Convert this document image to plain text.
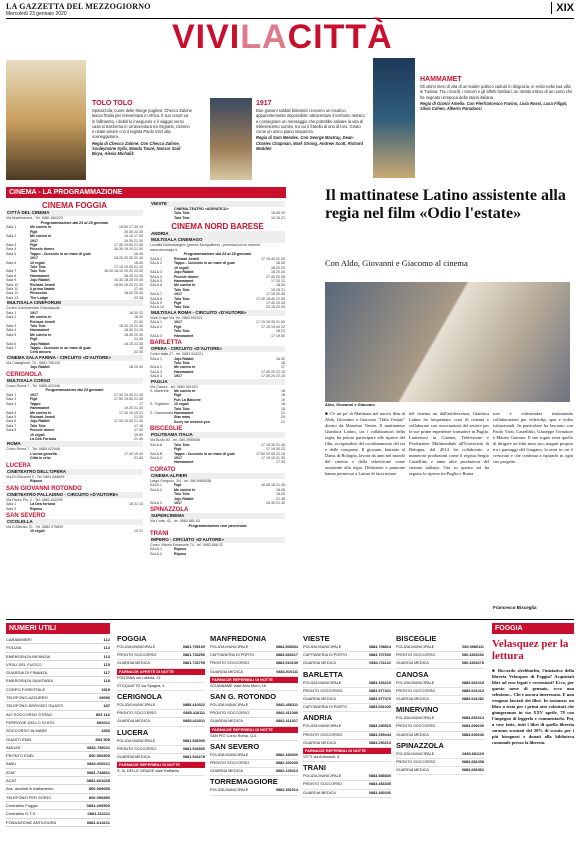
LA GAZZETTA DEL MEZZOGIORNO
Mercoledì 23 gennaio 2020	XIX
VIVILACITTÀ
TOLO TOLO
Spinazzola, cuore delle Murge pugliesi: Checco Zalone lascia l'Italia per reinventarsi in Africa. Il suo resort va in fallimento, i debiti lo inseguono e il viaggio verso casa si trasforma in un'avventura tra migranti, cinismo e risate amare con il regista Paolo Virzì alla sceneggiatura.
Regia di Checco Zalone. Con Checco Zalone, Souleymane Sylla, Manda Touré, Nassor Said Birya, Alexis Michalik
1917
Due giovani soldati britannici ricevono un incarico apparentemente impossibile: attraversare il territorio nemico e consegnare un messaggio che potrebbe salvare la vita di milleseicento uomini, tra cui il fratello di uno di loro. Girato come un unico piano sequenza.
Regia di Sam Mendes. Con George MacKay, Dean-Charles Chapman, Mark Strong, Andrew Scott, Richard Madden
HAMMAMET
Gli ultimi mesi di vita di un leader politico caduto in disgrazia, in esilio nella sua villa in Tunisia. Tra i ricordi, i rancori e gli affetti familiari, un ritratto intimo di un uomo che ha segnato un'epoca della storia italiana.
Regia di Gianni Amelio. Con Pierfrancesco Favino, Livia Rossi, Luca Filippi, Silvia Cohen, Alberto Paradossi
CINEMA - LA PROGRAMMAZIONE
CINEMA FOGGIA
CITTÀ DEL CINEMA
Via Manfredonia - Tel. 0881.682229
Programmazione dal 23 al 29 gennaio
Sala 1	Me contro te	15.50 17.30 19
Figli	20.35 22.30
Sala 2	Me contro te	16.10 17.50
1917	19.30 21.30
Sala 3	Figli	17.45 19.50 21.55
Sala 4	Piccole donne	16.30 19.10 21.50
Sala 5	Tappo - Cucciolo in un mare di guai	16.40
1917	18.20 20.30 22.40
Sala 6	10 regali	16.05
Tolo Tolo	17.10 19.00 21.10
Sala 7	Tolo Tolo	16.00 18.10 20.20 22.30
Sala 8	Hammamet	18.40 21.30
Sala 9	Jojo Rabbit	16.30 18.35 20.45
Sala 10	Richard Jewell	16.50 19.20 22.00
Sala 11	Il primo Natale	17.40
Sala 12	Pinocchio	18.00 20.40
Sala 13	The Lodge	22.35
MULTISALA CINEFORUM
Centro Commerciale Grandapulia
Sala 1	1917	18.30 22
Sala 2	Me contro te	18.20
Richard Jewell	21.30
Sala 3	Tolo Tolo	18 20.15 22.30
Sala 4	Hammamet	18.30 21.15
Sala 5	Me contro te	18.45 20.30
Figli	21.30
Sala 6	Jojo Rabbit	18.15 22.30
Sala 7	Tappo - Cucciolo in un mare di guai	18
Cèra ancora	22.30
CINEMA SALA FARINA - CIRCUITO «D'AUTORE»
Via Castiglione, 70 - 0881.700130
Jojo Rabbit	18 20.30
CERIGNOLA
MULTISALA CORSO
Corso Roma 7 - Tel. 0885.422446
Programmazione dal 23 gennaio
Sala 1	1917	17.30 19.30 21.30
Sala 2	Figli	17.50 19.50 21.45
Sala 3	Tappo	17
Hammamet	19.20 21.40
Sala 4	Me contro te	17.30 19.15 21
Sala 5	Richard Jewell	21.30
Sala 6	Jojo Rabbit	17.30 19.30 21.30
Sala 7	Tolo Tolo	17.15
Sala 8	Piccole donne	17.40
10 regali	19.50
La Dea Fortuna	21.40
ROMA
Corso Roma 7 - Tel. 0885.422446
L'unica gemella	17.40 19.40
Città in crisi	21.40
LUCERA
CINETEATRO DELL'OPERA
Via Di Giovanni 9 - Tel. 0881.548899
Riposo
SAN GIOVANNI ROTONDO
CINETEATRO PALLADINO - CIRCUITO «D'AUTORE»
Via Padre Pio, 2 - Tel. 0882.442299
Sala 1	La Dea fortuna	18 21.15
Sala 2	Riposo
SAN SEVERO
CICOLELLA
Via D'Alfonso 70 - Tel. 0882.375699
10 regali	19 21
VIESTE
CINEMA-TEATRO «ADRIATICO»
Tolo Tolo	18.45 19
Tolo Tolo	19.15 21
CINEMA NORD BARESE
ANDRIA
MULTISALA CINEMAGO
Località Barbadangelo (presso Mongolfiera) - prenotazioni su internet www.cinemago.it
Programmazione dal 23 al 29 gennaio
SALA 1	Richard Jewell	17 19.40 22.20
SALA 2	Tappo - Cucciolo in un mare di guai	16.30
10 regali	18.20 20
SALA 3	Jojo Rabbit	18.20 20
SALA 4	Piccole donne	17.40 20.45
SALA 5	Hammamet	17 20 21
SALA 6	Me contro te	18.30
Tolo Tolo	19.15 21
SALA 7	1917	17.15 20.45
SALA 8	Tolo Tolo	17.30 19.40 22.05
SALA 9	Figli	17.40 20.45
SALA 10	Tolo Tolo	20.15 22.25
MULTISALA ROMA - CIRCUITO «D'AUTORE»
Viale Crispi Via Tel. 0883.592021
SALA 1	1917	17.15 19.30 21.50
SALA 2	Figli	17.15 19.40 22
Tolo Tolo	18 21
SALA 3	Hammamet	17 19.50
BARLETTA
OPERA - CIRCUITO «D'AUTORE»
Corso Italia 27 - tel. 0883.510221
SALA 1	Jojo Rabbit	16.30
Tolo Tolo	18
SALA 2	Me contro te	17
SALA 3	Hammamet	17.45 20 22.15
SALA 4	1917	17.45 20 22.15
PAGLIA
Via Cavour - tel. 0883.501023
S. Manfredi	Me contro te	16
Figli	18
Fuh La Balcone	19
S. Trigiliano	10 regali	18
Tolo Tolo	18
S. Cammarata Hammamet	21
Star wars	20
Sorry we missed you	21
BISCEGLIE
POLITEAMA ITALIA
Via Bovio 62 - tel. 080.3955056
SALA A	Tolo Tolo	17 19.30 21.45
Figli	17 19.30 22
SALA B	Tappo - Cucciolo in un mare di guai	17.50 20.05 22.15
SALA C	1917	17 19.15 21.30
Hammamet	17.30
CORATO
CINEMA ALFIERI
Largo Gregorio, 3/4 - tel. 080.8960538
SALA 1	Figli	16.45 18.21 45
SALA 2	Me contro te	16.45
Tolo Tolo	18.20
Jojo Rabbit	21.45
SALA 3	1917	18.30 21.30
SPINAZZOLA
SUPERCINEMA
Via Corte, 42 - tel. 0883.681 53
Programmazione non pervenuta
TRANI
IMPERO - CIRCUITO «D'AUTORE»
Corso Vittorio Emanuele 74 - tel. 0883.588 32
SALA 1	Riposo
SALA 2	Riposo
Il mattinatese Latino assistente alla regia nel film «Odio l'estate»
Con Aldo, Giovanni e Giacomo al cinema
Aldo, Giovanni e Giacomo
■ C'è un po' di Mattinata nel nuovo film di Aldo, Giovanni e Giacomo "Odio l'estate" diretto da Massimo Venier. Il mattinatese Gianluca Latino, tra i collaboratori della regia, ha potuto partecipare alle riprese del film, occupandosi del coordinamento del set e delle comparse. Il giovane, laureato al Dams di Bologna, lavora da anni nel mondo del cinema e della televisione come assistente alla regia. Dedizione e passione hanno permesso a Latino di farsi notare
nel cinema un dall'adolescenza, Gianluca Latino ha frequentato corsi di cinema e collaborato con associazioni del settore per le sue prime esperienze formative in Puglia. Laureatosi in Cinema, Televisione e Produzione Multimediale all'Università di Bologna, dal 2014 ha collaborato a numerose produzioni come il regista Sergio Castellitto e tante altre produzioni del cinema italiano. Ora su questo set ha seguito le riprese tra Puglia e Roma
tore e videomaker instaurando collaborazioni per videoclip, spot e video istituzionali. In particolare ha lavorato con Paolo Virzì, Castellitto, Giuseppe Tornatore e Matteo Garrone. Il suo sogno resta quello di dirigere un film tutto suo, magari proprio tra i paesaggi del Gargano, la terra in cui è cresciuto e che continua a ispirarlo in ogni suo progetto.
Francesco Bisceglia
NUMERI UTILI
CARABINIERI	112
POLIZIA	113
EMERGENZA INFANZIA	114
VIGILI DEL FUOCO	115
GUARDIA DI FINANZA	117
EMERGENZA SANITARIA	118
CORPO FORESTALE	1515
TELEFONO AZZURRO	19696
TELEFONO SERVIZIO GUASTI	187
ACI SOCCORSO STRAD.	803 116
FERROVIE DELLO STATO	892021
SOCCORSO IN MARE	1530
GUASTI ENEL	803 500
AMGAS	0881.789111
PRONTO ENEL	800.900800
AMIU	0881.665111
ATAF	0881.748811
ACAT	0881.661025
Ass. alcolisti in trattamento	800.069050
TELEFONO PER SORDI	800.050850
Centralino Foggia	0881.200500
Centralino D.T.S.	0881.311111
FONDAZIONE ANTIUSURA	0881.614211
FOGGIA
POLIZIA MUNICIPALE	0881.799100
PRONTO SOCCORSO	0881.733250
GUARDIA MEDICA	0881.733705
FARMACIE APERTE DI NOTTE
FONTANA via Lubrola, 21
STOQUATTO via Spagna, 4
CERIGNOLA
POLIZIA MUNICIPALE	0885.410322
PRONTO SOCCORSO	0885.418111
GUARDIA MEDICA	0885.422011
LUCERA
POLIZIA MUNICIPALE	0881.540000
PRONTO SOCCORSO	0881.543500
GUARDIA MEDICA	0881.543278
FARMACIE REPERIBILI DI NOTTE
S. M. DELLE GRAZIE viale Raffaello
MANFREDONIA
POLIZIA MUNICIPALE	0884.508334
CAPITANERIA DI PORTO	0884.663617
PRONTO SOCCORSO	0884.510139
GUARDIA MEDICA	0884.510111
FARMACIE REPERIBILI DI NOTTE
SCIANNAME viale Aldo Moro, 16
SAN G. ROTONDO
POLIZIA MUNICIPALE	0882.456311
PRONTO SOCCORSO	0882.411080
GUARDIA MEDICA	0882.411527
FARMACIE REPERIBILI DI NOTTE
SAN PIO Corso Roma, 114,
SAN SEVERO
POLIZIA MUNICIPALE	0882.334000
PRONTO SOCCORSO	0882.200260
GUARDIA MEDICA	0882.229413
TORREMAGGIORE
POLIZIA MUNICIPALE	0882.391014
VIESTE
POLIZIA MUNICIPALE	0884.708814
CAPITANERIA DI PORTO	0884.707600
GUARDIA MEDICA	0884.711122
BARLETTA
POLIZIA MUNICIPALE	0883.333210
PRONTO SOCCORSO	0883.577321
GUARDIA MEDICA	0883.577370
CAPITANERIA DI PORTO	0883.531020
ANDRIA
POLIZIA MUNICIPALE	0883.290515
PRONTO SOCCORSO	0883.299444
GUARDIA MEDICA	0883.290213
FARMACIE REPERIBILI DI NOTTE
VITTI via Artimondi, 5
TRANI
POLIZIA MUNICIPALE	0883.588830
PRONTO SOCCORSO	0883.483335
GUARDIA MEDICA	0883.483030
BISCEGLIE
POLIZIA MUNICIPALE	080.3980111
PRONTO SOCCORSO	080.3363252
GUARDIA MEDICA	080.3363278
CANOSA
POLIZIA MUNICIPALE	0883.661015
PRONTO SOCCORSO	0883.641313
GUARDIA MEDICA	0883.641281
MINERVINO
POLIZIA MUNICIPALE	0883.691614
PRONTO SOCCORSO	0883.699230
GUARDIA MEDICA	0883.699230
SPINAZZOLA
POLIZIA MUNICIPALE	0883.681119
PRONTO SOCCORSO	0883.681008
GUARDIA MEDICA	0883.681862
FOGGIA
Velasquez per la lettura
■ Riccardo sfeebbarlin, l'iniziativa della libreria Velasquez di Foggia? Acquistati libri ad esso legati e recensioni? Ecco, per questo mese di gennaio, ecco una selezione... Chi è ancora interessato. E non vengono lasciati dei libri. In sostanza: un libro a testa per i primi otto volontari che giungeranno in via XXV aprile, 78 con l'impegno di leggerlo e commentarlo. Poi, a cose fatte, tutti i libri di quella libreria saranno scontati del 20% di sconto per i più bisognosi e donati alla biblioteca comunale presso la libreria.
